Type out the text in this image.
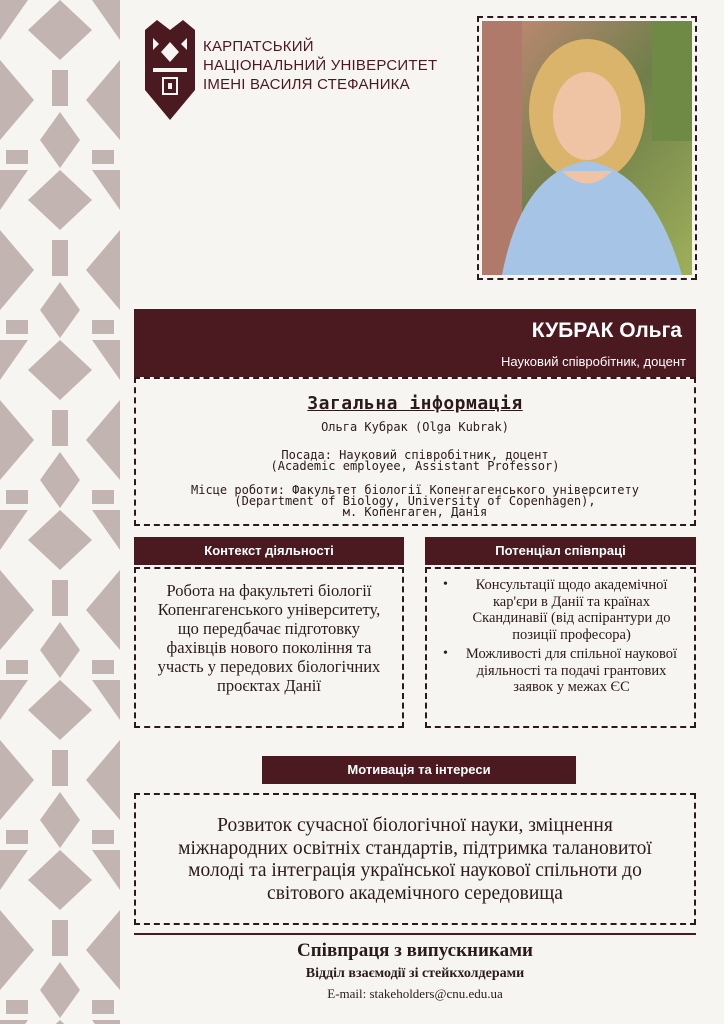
КАРПАТСЬКИЙ
НАЦІОНАЛЬНИЙ УНІВЕРСИТЕТ
ІМЕНІ ВАСИЛЯ СТЕФАНИКА
КУБРАК Ольга
Науковий співробітник, доцент
Загальна інформація
Ольга Кубрак (Olga Kubrak)
Посада: Науковий співробітник, доцент
(Academic employee, Assistant Professor)
Місце роботи: Факультет біології Копенгагенського університету
(Department of Biology, University of Copenhagen),
м. Копенгаген, Данія
Контекст діяльності
Робота на факультеті біології Копенгагенського університету, що передбачає підготовку фахівців нового покоління та участь у передових біологічних проєктах Данії
Потенціал співпраці
• Консультації щодо академічної кар'єри в Данії та країнах Скандинавії (від аспірантури до позиції професора)
• Можливості для спільної наукової діяльності та подачі грантових заявок у межах ЄС
Мотивація та інтереси
Розвиток сучасної біологічної науки, зміцнення міжнародних освітніх стандартів, підтримка талановитої молоді та інтеграція української наукової спільноти до світового академічного середовища
Співпраця з випускниками
Відділ взаємодії зі стейкхолдерами
E-mail: stakeholders@cnu.edu.ua
